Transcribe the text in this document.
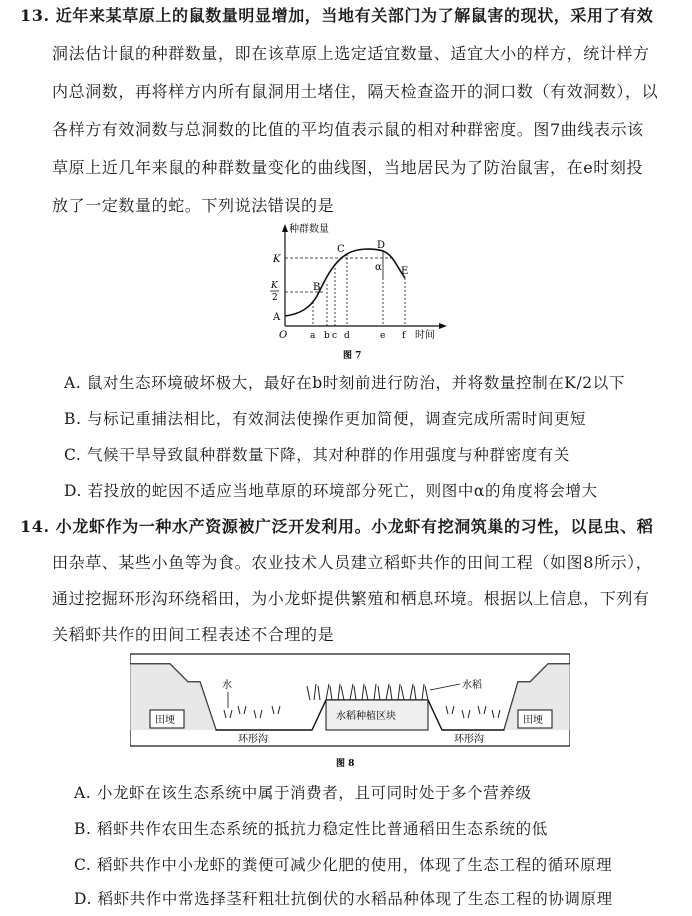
13. 近年来某草原上的鼠数量明显增加，当地有关部门为了解鼠害的现状，采用了有效
洞法估计鼠的种群数量，即在该草原上选定适宜数量、适宜大小的样方，统计样方
内总洞数，再将样方内所有鼠洞用土堵住，隔天检查盗开的洞口数（有效洞数），以
各样方有效洞数与总洞数的比值的平均值表示鼠的相对种群密度。图7曲线表示该
草原上近几年来鼠的种群数量变化的曲线图，当地居民为了防治鼠害，在e时刻投
放了一定数量的蛇。下列说法错误的是
种群数量
O
K
K
2
α
A
B
C	D
E
a b c d	e f 时间
图 7
A. 鼠对生态环境破坏极大，最好在b时刻前进行防治，并将数量控制在K/2以下
B. 与标记重捕法相比，有效洞法使操作更加简便，调查完成所需时间更短
C. 气候干旱导致鼠种群数量下降，其对种群的作用强度与种群密度有关
D. 若投放的蛇因不适应当地草原的环境部分死亡，则图中α的角度将会增大
14. 小龙虾作为一种水产资源被广泛开发利用。小龙虾有挖洞筑巢的习性，以昆虫、稻
田杂草、某些小鱼等为食。农业技术人员建立稻虾共作的田间工程（如图8所示），
通过挖掘环形沟环绕稻田，为小龙虾提供繁殖和栖息环境。根据以上信息，下列有
关稻虾共作的田间工程表述不合理的是
田埂	田埂
水稻种植区块
水	水稻
环形沟	环形沟
图 8
A. 小龙虾在该生态系统中属于消费者，且可同时处于多个营养级
B. 稻虾共作农田生态系统的抵抗力稳定性比普通稻田生态系统的低
C. 稻虾共作中小龙虾的粪便可减少化肥的使用，体现了生态工程的循环原理
D. 稻虾共作中常选择茎秆粗壮抗倒伏的水稻品种体现了生态工程的协调原理
